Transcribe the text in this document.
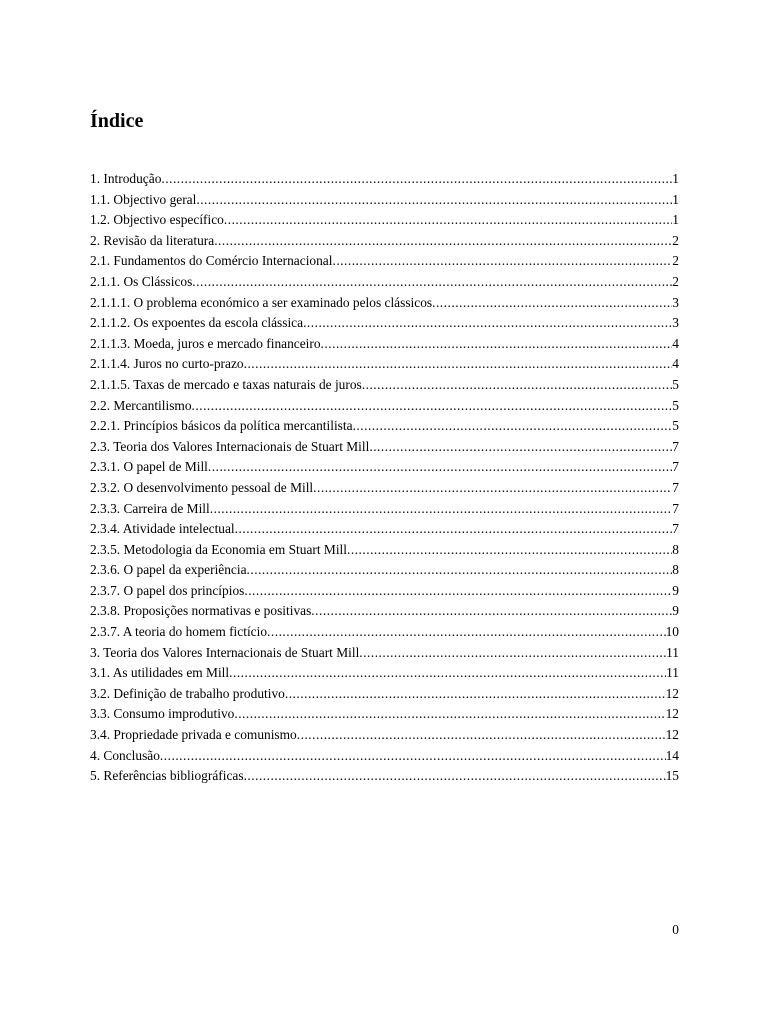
Índice
1. Introdução .....	1
1.1. Objectivo geral .....	1
1.2. Objectivo específico .....	1
2. Revisão da literatura .....	2
2.1. Fundamentos do Comércio Internacional .....	2
2.1.1. Os Clássicos .....	2
2.1.1.1. O problema económico a ser examinado pelos clássicos .....	3
2.1.1.2. Os expoentes da escola clássica .....	3
2.1.1.3. Moeda, juros e mercado financeiro .....	4
2.1.1.4. Juros no curto-prazo .....	4
2.1.1.5. Taxas de mercado e taxas naturais de juros .....	5
2.2. Mercantilismo .....	5
2.2.1. Princípios básicos da política mercantilista .....	5
2.3. Teoria dos Valores Internacionais de Stuart Mill .....	7
2.3.1. O papel de Mill .....	7
2.3.2. O desenvolvimento pessoal de Mill .....	7
2.3.3. Carreira de Mill .....	7
2.3.4. Atividade intelectual .....	7
2.3.5. Metodologia da Economia em Stuart Mill .....	8
2.3.6. O papel da experiência .....	8
2.3.7. O papel dos princípios .....	9
2.3.8. Proposições normativas e positivas .....	9
2.3.7. A teoria do homem fictício .....	10
3. Teoria dos Valores Internacionais de Stuart Mill .....	11
3.1. As utilidades em Mill .....	11
3.2. Definição de trabalho produtivo .....	12
3.3. Consumo improdutivo .....	12
3.4. Propriedade privada e comunismo .....	12
4. Conclusão .....	14
5. Referências bibliográficas .....	15
0
